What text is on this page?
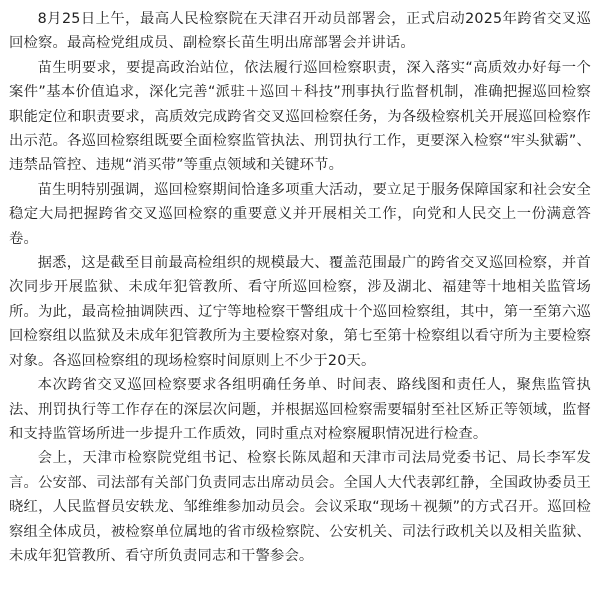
8月25日上午，最高人民检察院在天津召开动员部署会，正式启动2025年跨省交叉巡回检察。最高检党组成员、副检察长苗生明出席部署会并讲话。

苗生明要求，要提高政治站位，依法履行巡回检察职责，深入落实“高质效办好每一个案件”基本价值追求，深化完善“派驻＋巡回＋科技”刑事执行监督机制，准确把握巡回检察职能定位和职责要求，高质效完成跨省交叉巡回检察任务，为各级检察机关开展巡回检察作出示范。各巡回检察组既要全面检察监管执法、刑罚执行工作，更要深入检察“牢头狱霸”、违禁品管控、违规“消买带”等重点领域和关键环节。

苗生明特别强调，巡回检察期间恰逢多项重大活动，要立足于服务保障国家和社会安全稳定大局把握跨省交叉巡回检察的重要意义并开展相关工作，向党和人民交上一份满意答卷。

据悉，这是截至目前最高检组织的规模最大、覆盖范围最广的跨省交叉巡回检察，并首次同步开展监狱、未成年犯管教所、看守所巡回检察，涉及湖北、福建等十地相关监管场所。为此，最高检抽调陕西、辽宁等地检察干警组成十个巡回检察组，其中，第一至第六巡回检察组以监狱及未成年犯管教所为主要检察对象，第七至第十检察组以看守所为主要检察对象。各巡回检察组的现场检察时间原则上不少于20天。

本次跨省交叉巡回检察要求各组明确任务单、时间表、路线图和责任人，聚焦监管执法、刑罚执行等工作存在的深层次问题，并根据巡回检察需要辐射至社区矫正等领域，监督和支持监管场所进一步提升工作质效，同时重点对检察履职情况进行检查。

会上，天津市检察院党组书记、检察长陈凤超和天津市司法局党委书记、局长李军发言。公安部、司法部有关部门负责同志出席动员会。全国人大代表郭红静，全国政协委员王晓红，人民监督员安轶龙、邹维维参加动员会。会议采取“现场＋视频”的方式召开。巡回检察组全体成员，被检察单位属地的省市级检察院、公安机关、司法行政机关以及相关监狱、未成年犯管教所、看守所负责同志和干警参会。
